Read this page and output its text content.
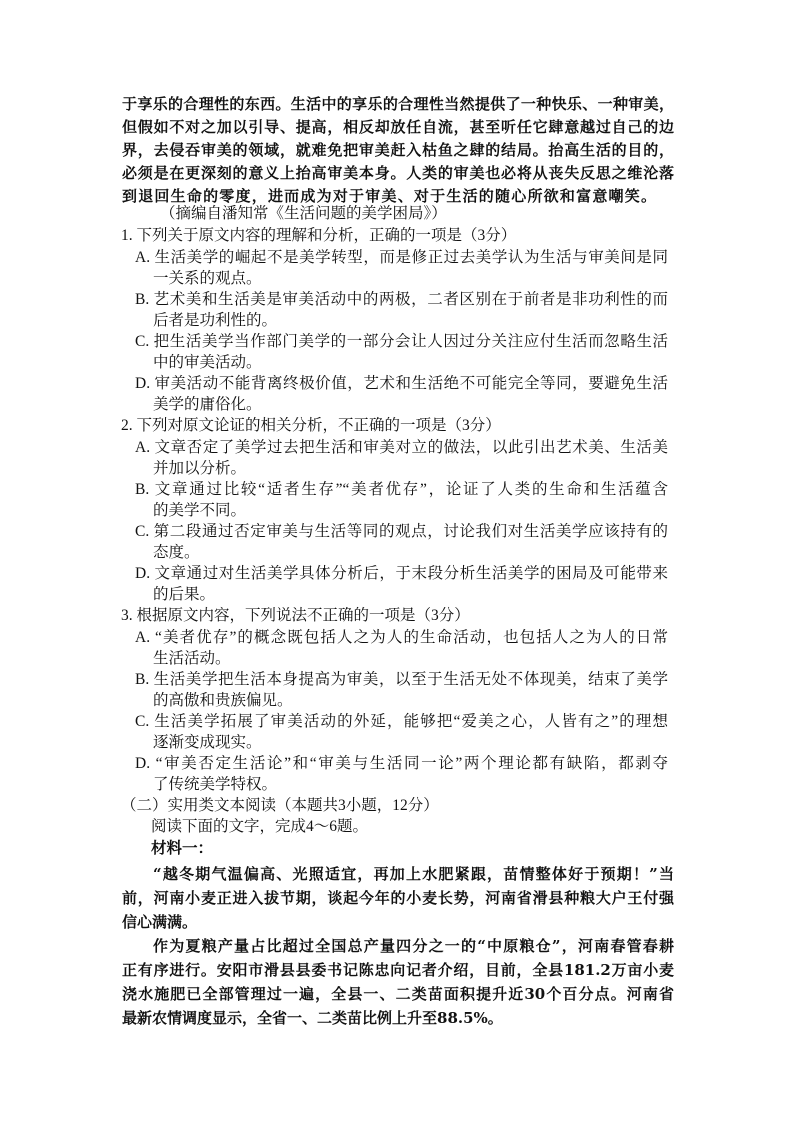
于享乐的合理性的东西。生活中的享乐的合理性当然提供了一种快乐、一种审美，
但假如不对之加以引导、提高，相反却放任自流，甚至听任它肆意越过自己的边
界，去侵吞审美的领域，就难免把审美赶入枯鱼之肆的结局。抬高生活的目的，
必须是在更深刻的意义上抬高审美本身。人类的审美也必将从丧失反思之维沦落
到退回生命的零度，进而成为对于审美、对于生活的随心所欲和富意嘲笑。
（摘编自潘知常《生活问题的美学困局》）
1. 下列关于原文内容的理解和分析，正确的一项是（3分）
A. 生活美学的崛起不是美学转型，而是修正过去美学认为生活与审美间是同
一关系的观点。
B. 艺术美和生活美是审美活动中的两极，二者区别在于前者是非功利性的而
后者是功利性的。
C. 把生活美学当作部门美学的一部分会让人因过分关注应付生活而忽略生活
中的审美活动。
D. 审美活动不能背离终极价值，艺术和生活绝不可能完全等同，要避免生活
美学的庸俗化。
2. 下列对原文论证的相关分析，不正确的一项是（3分）
A. 文章否定了美学过去把生活和审美对立的做法，以此引出艺术美、生活美
并加以分析。
B. 文章通过比较“适者生存”“美者优存”，论证了人类的生命和生活蕴含
的美学不同。
C. 第二段通过否定审美与生活等同的观点，讨论我们对生活美学应该持有的
态度。
D. 文章通过对生活美学具体分析后，于末段分析生活美学的困局及可能带来
的后果。
3. 根据原文内容，下列说法不正确的一项是（3分）
A. “美者优存”的概念既包括人之为人的生命活动，也包括人之为人的日常
生活活动。
B. 生活美学把生活本身提高为审美，以至于生活无处不体现美，结束了美学
的高傲和贵族偏见。
C. 生活美学拓展了审美活动的外延，能够把“爱美之心，人皆有之”的理想
逐渐变成现实。
D. “审美否定生活论”和“审美与生活同一论”两个理论都有缺陷，都剥夺
了传统美学特权。
（二）实用类文本阅读（本题共3小题，12分）
阅读下面的文字，完成4～6题。
材料一：
“越冬期气温偏高、光照适宜，再加上水肥紧跟，苗情整体好于预期！”当
前，河南小麦正进入拔节期，谈起今年的小麦长势，河南省滑县种粮大户王付强
信心满满。
作为夏粮产量占比超过全国总产量四分之一的“中原粮仓”，河南春管春耕
正有序进行。安阳市滑县县委书记陈忠向记者介绍，目前，全县181.2万亩小麦
浇水施肥已全部管理过一遍，全县一、二类苗面积提升近30个百分点。河南省
最新农情调度显示，全省一、二类苗比例上升至88.5%。
